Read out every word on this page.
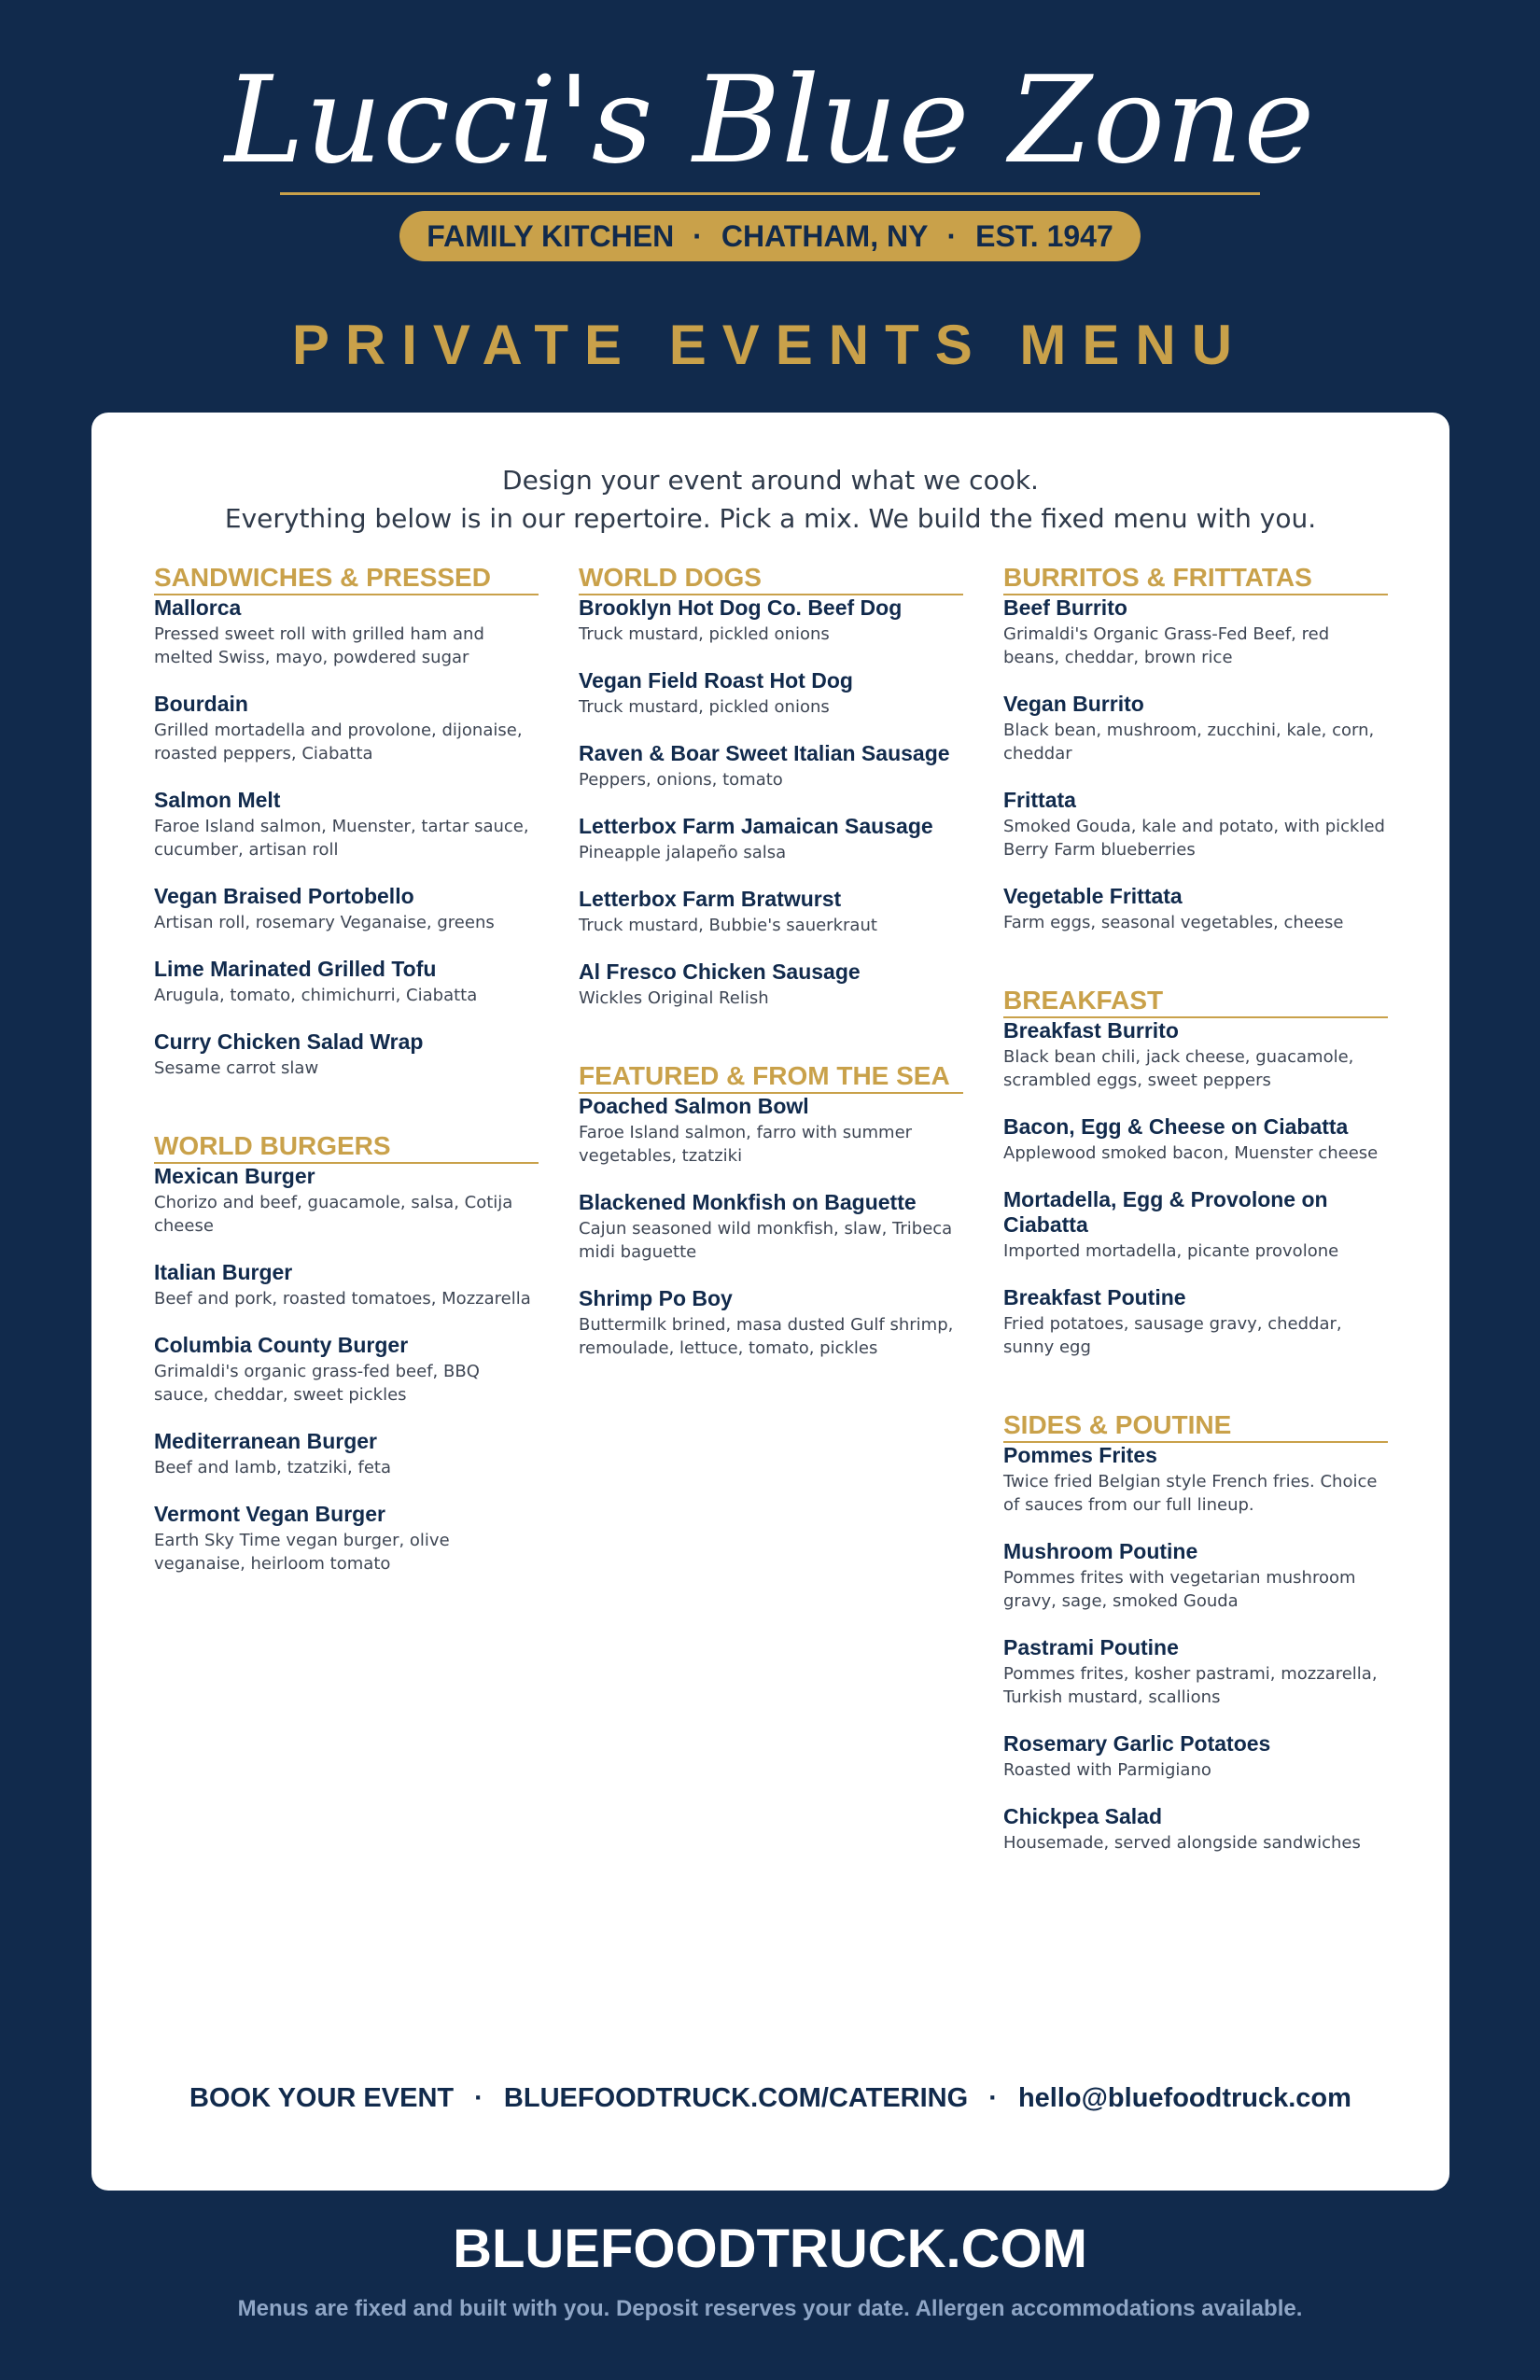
Lucci's Blue Zone
FAMILY KITCHEN · CHATHAM, NY · EST. 1947
PRIVATE EVENTS MENU
Design your event around what we cook.
Everything below is in our repertoire. Pick a mix. We build the fixed menu with you.
SANDWICHES & PRESSED
Mallorca
Pressed sweet roll with grilled ham and melted Swiss, mayo, powdered sugar
Bourdain
Grilled mortadella and provolone, dijonaise, roasted peppers, Ciabatta
Salmon Melt
Faroe Island salmon, Muenster, tartar sauce, cucumber, artisan roll
Vegan Braised Portobello
Artisan roll, rosemary Veganaise, greens
Lime Marinated Grilled Tofu
Arugula, tomato, chimichurri, Ciabatta
Curry Chicken Salad Wrap
Sesame carrot slaw
WORLD BURGERS
Mexican Burger
Chorizo and beef, guacamole, salsa, Cotija cheese
Italian Burger
Beef and pork, roasted tomatoes, Mozzarella
Columbia County Burger
Grimaldi's organic grass-fed beef, BBQ sauce, cheddar, sweet pickles
Mediterranean Burger
Beef and lamb, tzatziki, feta
Vermont Vegan Burger
Earth Sky Time vegan burger, olive veganaise, heirloom tomato
WORLD DOGS
Brooklyn Hot Dog Co. Beef Dog
Truck mustard, pickled onions
Vegan Field Roast Hot Dog
Truck mustard, pickled onions
Raven & Boar Sweet Italian Sausage
Peppers, onions, tomato
Letterbox Farm Jamaican Sausage
Pineapple jalapeño salsa
Letterbox Farm Bratwurst
Truck mustard, Bubbie's sauerkraut
Al Fresco Chicken Sausage
Wickles Original Relish
FEATURED & FROM THE SEA
Poached Salmon Bowl
Faroe Island salmon, farro with summer vegetables, tzatziki
Blackened Monkfish on Baguette
Cajun seasoned wild monkfish, slaw, Tribeca midi baguette
Shrimp Po Boy
Buttermilk brined, masa dusted Gulf shrimp, remoulade, lettuce, tomato, pickles
BURRITOS & FRITTATAS
Beef Burrito
Grimaldi's Organic Grass-Fed Beef, red beans, cheddar, brown rice
Vegan Burrito
Black bean, mushroom, zucchini, kale, corn, cheddar
Frittata
Smoked Gouda, kale and potato, with pickled Berry Farm blueberries
Vegetable Frittata
Farm eggs, seasonal vegetables, cheese
BREAKFAST
Breakfast Burrito
Black bean chili, jack cheese, guacamole, scrambled eggs, sweet peppers
Bacon, Egg & Cheese on Ciabatta
Applewood smoked bacon, Muenster cheese
Mortadella, Egg & Provolone on Ciabatta
Imported mortadella, picante provolone
Breakfast Poutine
Fried potatoes, sausage gravy, cheddar, sunny egg
SIDES & POUTINE
Pommes Frites
Twice fried Belgian style French fries. Choice of sauces from our full lineup.
Mushroom Poutine
Pommes frites with vegetarian mushroom gravy, sage, smoked Gouda
Pastrami Poutine
Pommes frites, kosher pastrami, mozzarella, Turkish mustard, scallions
Rosemary Garlic Potatoes
Roasted with Parmigiano
Chickpea Salad
Housemade, served alongside sandwiches
BOOK YOUR EVENT · BLUEFOODTRUCK.COM/CATERING · hello@bluefoodtruck.com
BLUEFOODTRUCK.COM
Menus are fixed and built with you. Deposit reserves your date. Allergen accommodations available.
